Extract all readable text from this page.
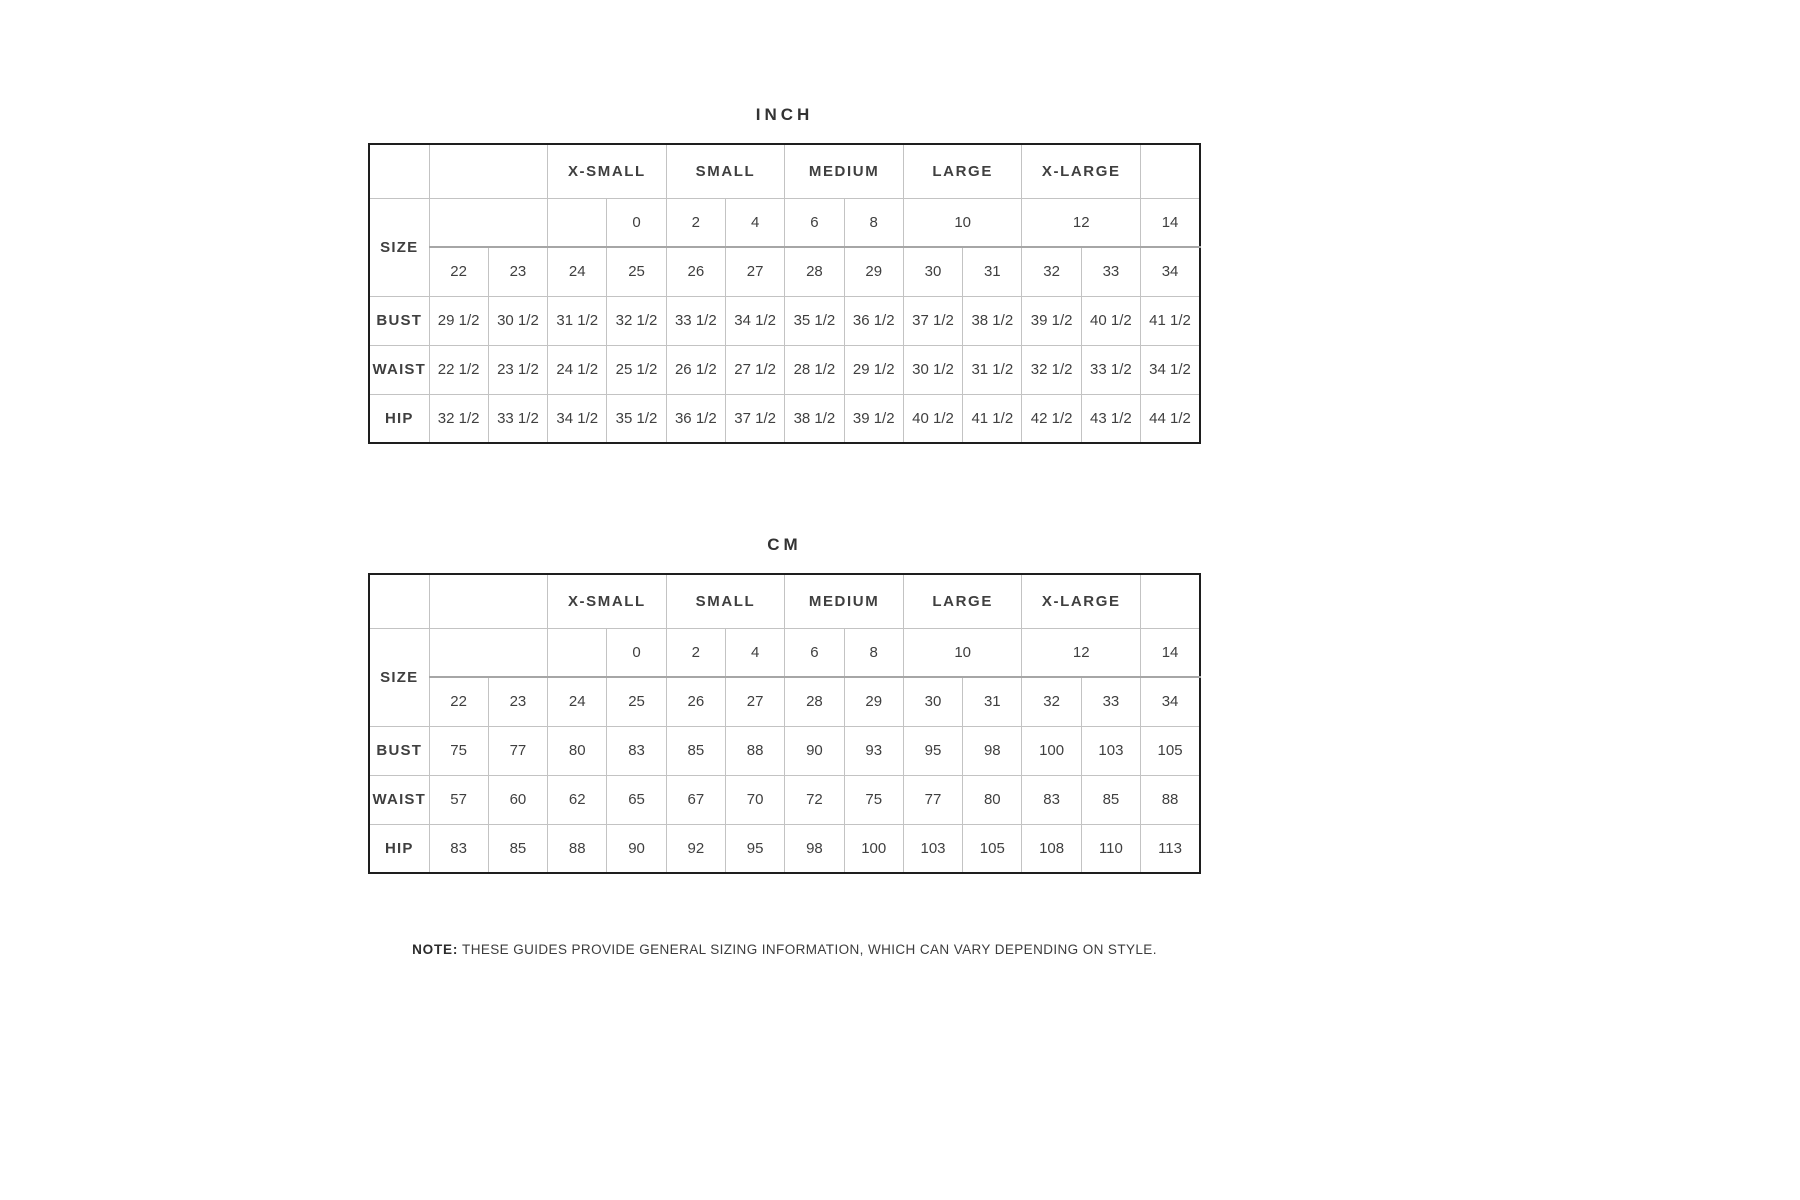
INCH
			X-SMALL		SMALL		MEDIUM		LARGE		X-LARGE		
SIZE				0	2	4	6	8	10		12		14
	22	23	24	25	26	27	28	29	30	31	32	33	34
BUST	29 1/2	30 1/2	31 1/2	32 1/2	33 1/2	34 1/2	35 1/2	36 1/2	37 1/2	38 1/2	39 1/2	40 1/2	41 1/2
WAIST	22 1/2	23 1/2	24 1/2	25 1/2	26 1/2	27 1/2	28 1/2	29 1/2	30 1/2	31 1/2	32 1/2	33 1/2	34 1/2
HIP	32 1/2	33 1/2	34 1/2	35 1/2	36 1/2	37 1/2	38 1/2	39 1/2	40 1/2	41 1/2	42 1/2	43 1/2	44 1/2
CM
			X-SMALL		SMALL		MEDIUM		LARGE		X-LARGE		
SIZE				0	2	4	6	8	10		12		14
	22	23	24	25	26	27	28	29	30	31	32	33	34
BUST	75	77	80	83	85	88	90	93	95	98	100	103	105
WAIST	57	60	62	65	67	70	72	75	77	80	83	85	88
HIP	83	85	88	90	92	95	98	100	103	105	108	110	113
NOTE: THESE GUIDES PROVIDE GENERAL SIZING INFORMATION, WHICH CAN VARY DEPENDING ON STYLE.
